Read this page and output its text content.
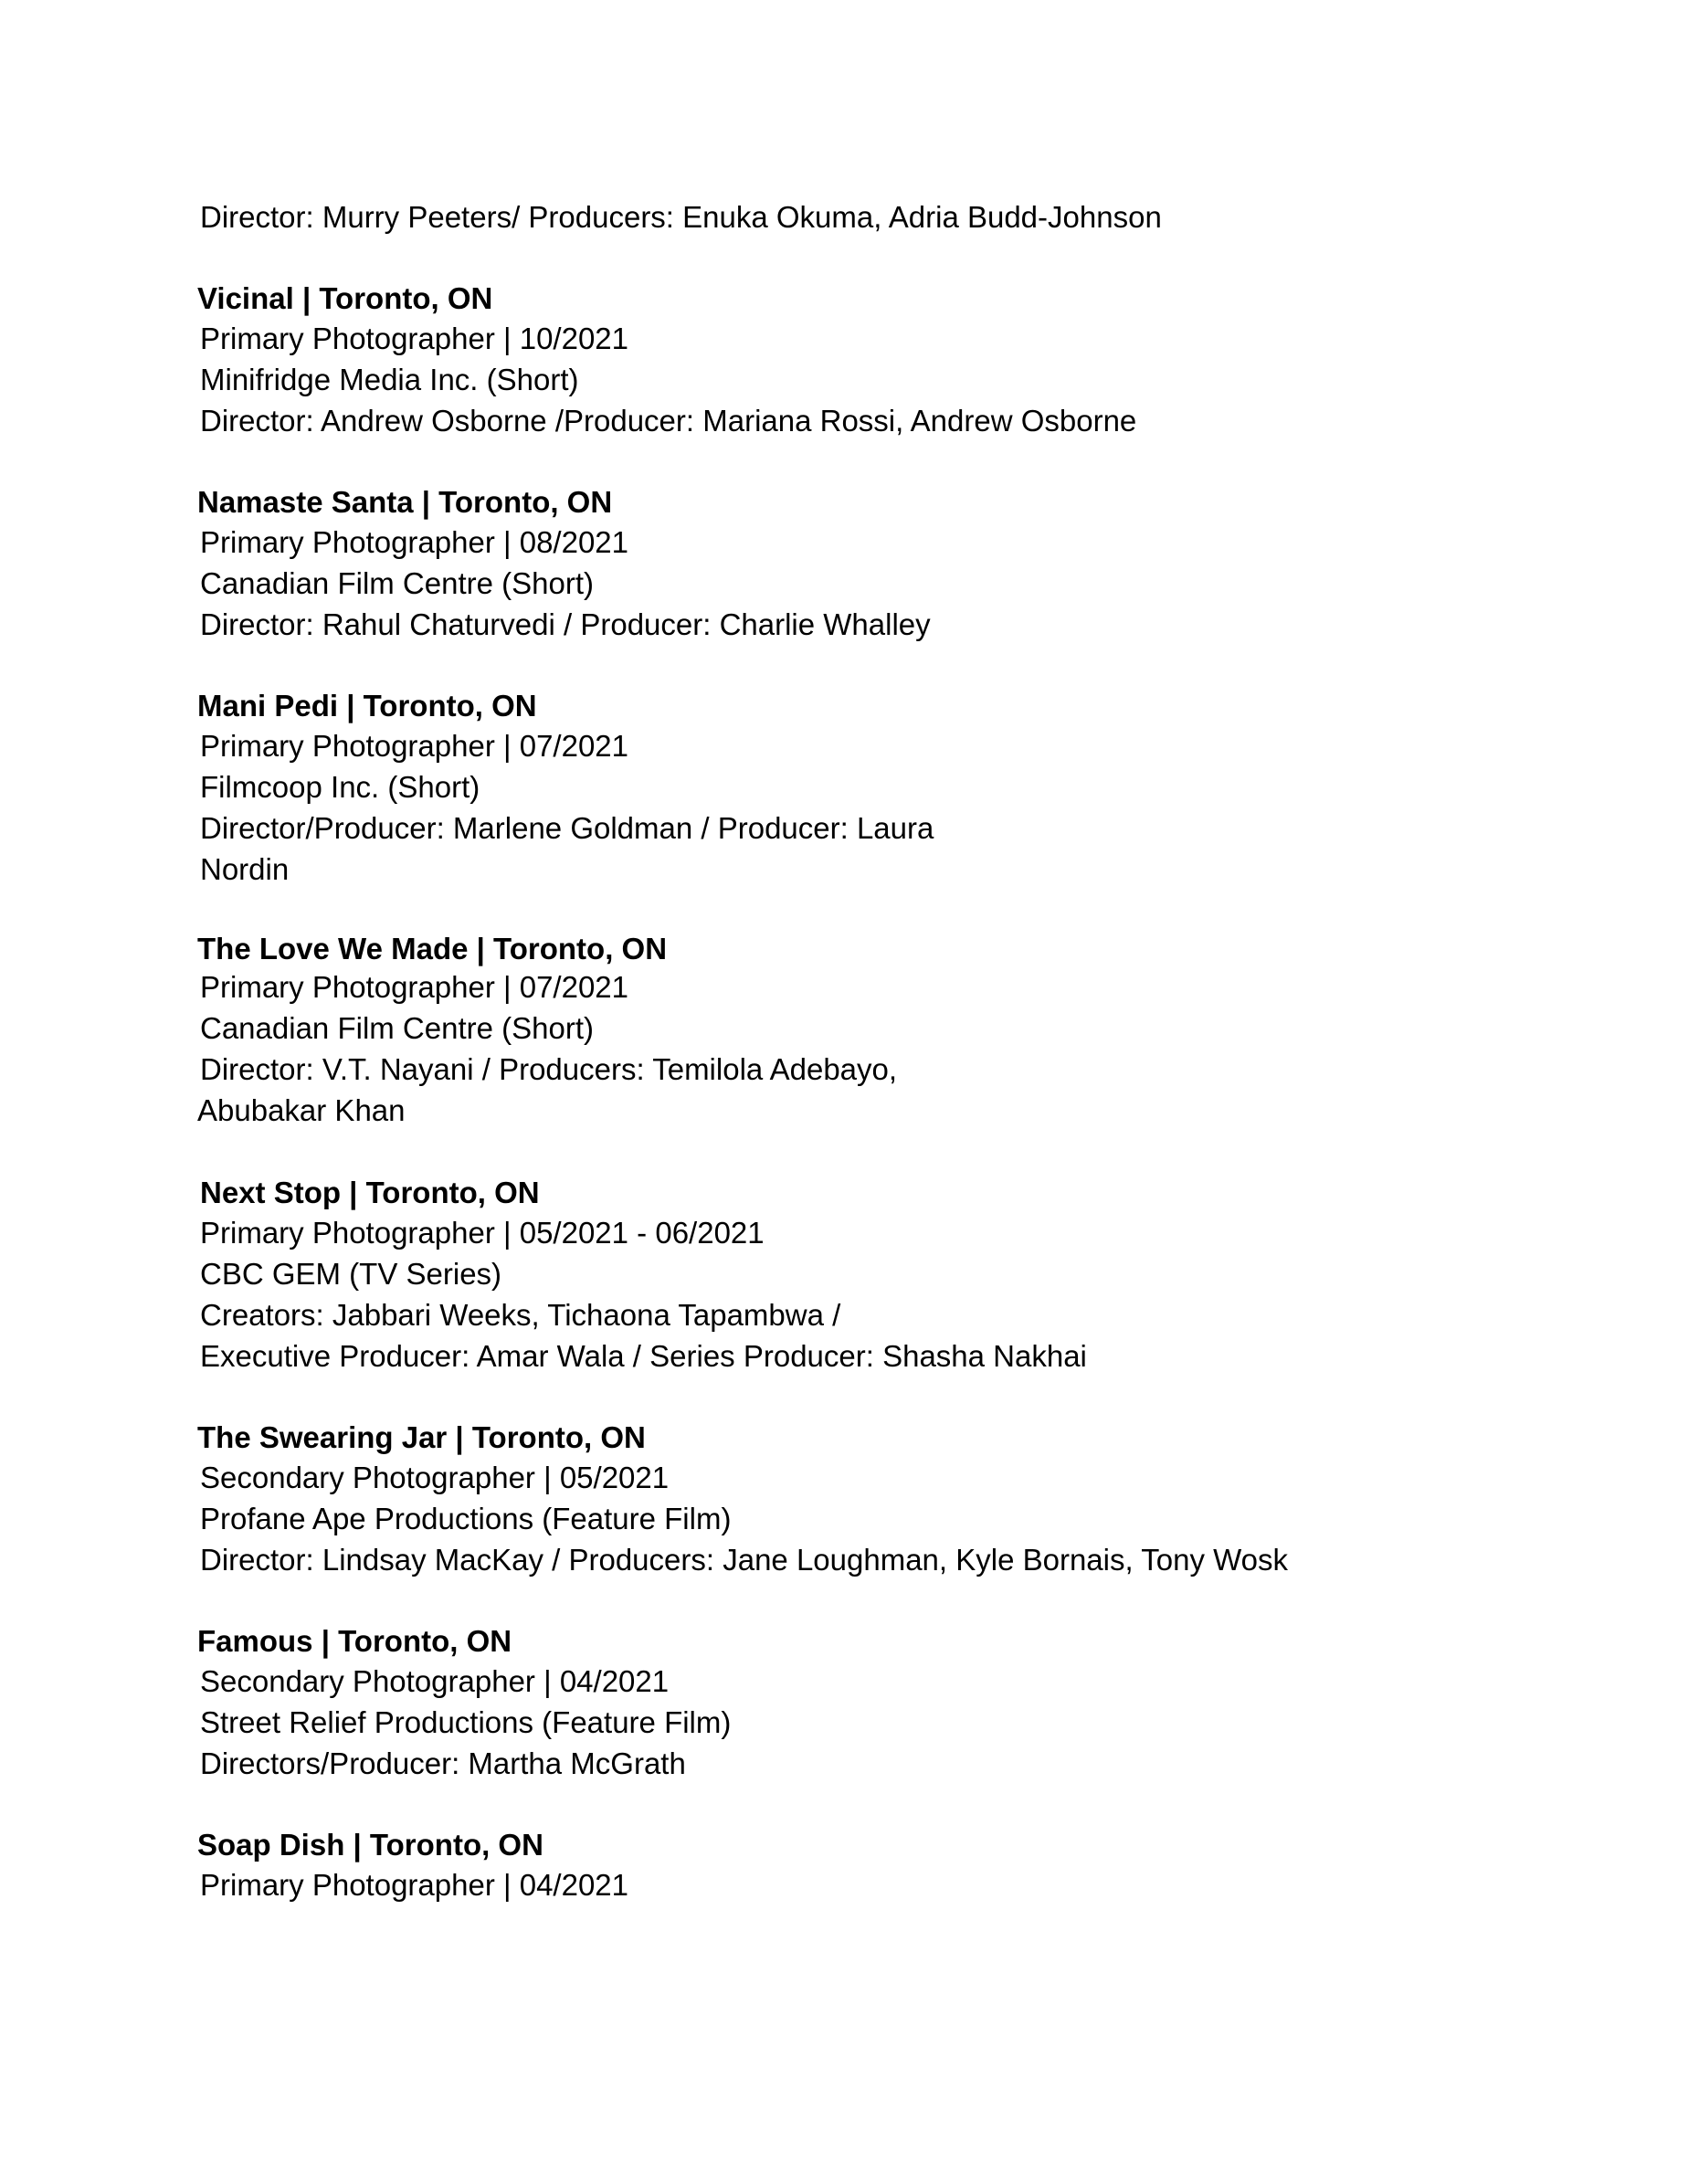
Director: Murry Peeters/ Producers: Enuka Okuma, Adria Budd-Johnson
Vicinal | Toronto, ON
Primary Photographer | 10/2021
Minifridge Media Inc. (Short)
Director: Andrew Osborne /Producer: Mariana Rossi, Andrew Osborne
Namaste Santa | Toronto, ON
Primary Photographer | 08/2021
Canadian Film Centre (Short)
Director: Rahul Chaturvedi / Producer: Charlie Whalley
Mani Pedi | Toronto, ON
Primary Photographer | 07/2021
Filmcoop Inc. (Short)
Director/Producer: Marlene Goldman / Producer: Laura
Nordin
The Love We Made | Toronto, ON
Primary Photographer | 07/2021
Canadian Film Centre (Short)
Director: V.T. Nayani / Producers: Temilola Adebayo,
Abubakar Khan
Next Stop | Toronto, ON
Primary Photographer | 05/2021 - 06/2021
CBC GEM (TV Series)
Creators: Jabbari Weeks, Tichaona Tapambwa /
Executive Producer: Amar Wala / Series Producer: Shasha Nakhai
The Swearing Jar | Toronto, ON
Secondary Photographer | 05/2021
Profane Ape Productions (Feature Film)
Director: Lindsay MacKay / Producers: Jane Loughman, Kyle Bornais, Tony Wosk
Famous | Toronto, ON
Secondary Photographer | 04/2021
Street Relief Productions (Feature Film)
Directors/Producer: Martha McGrath
Soap Dish | Toronto, ON
Primary Photographer | 04/2021
